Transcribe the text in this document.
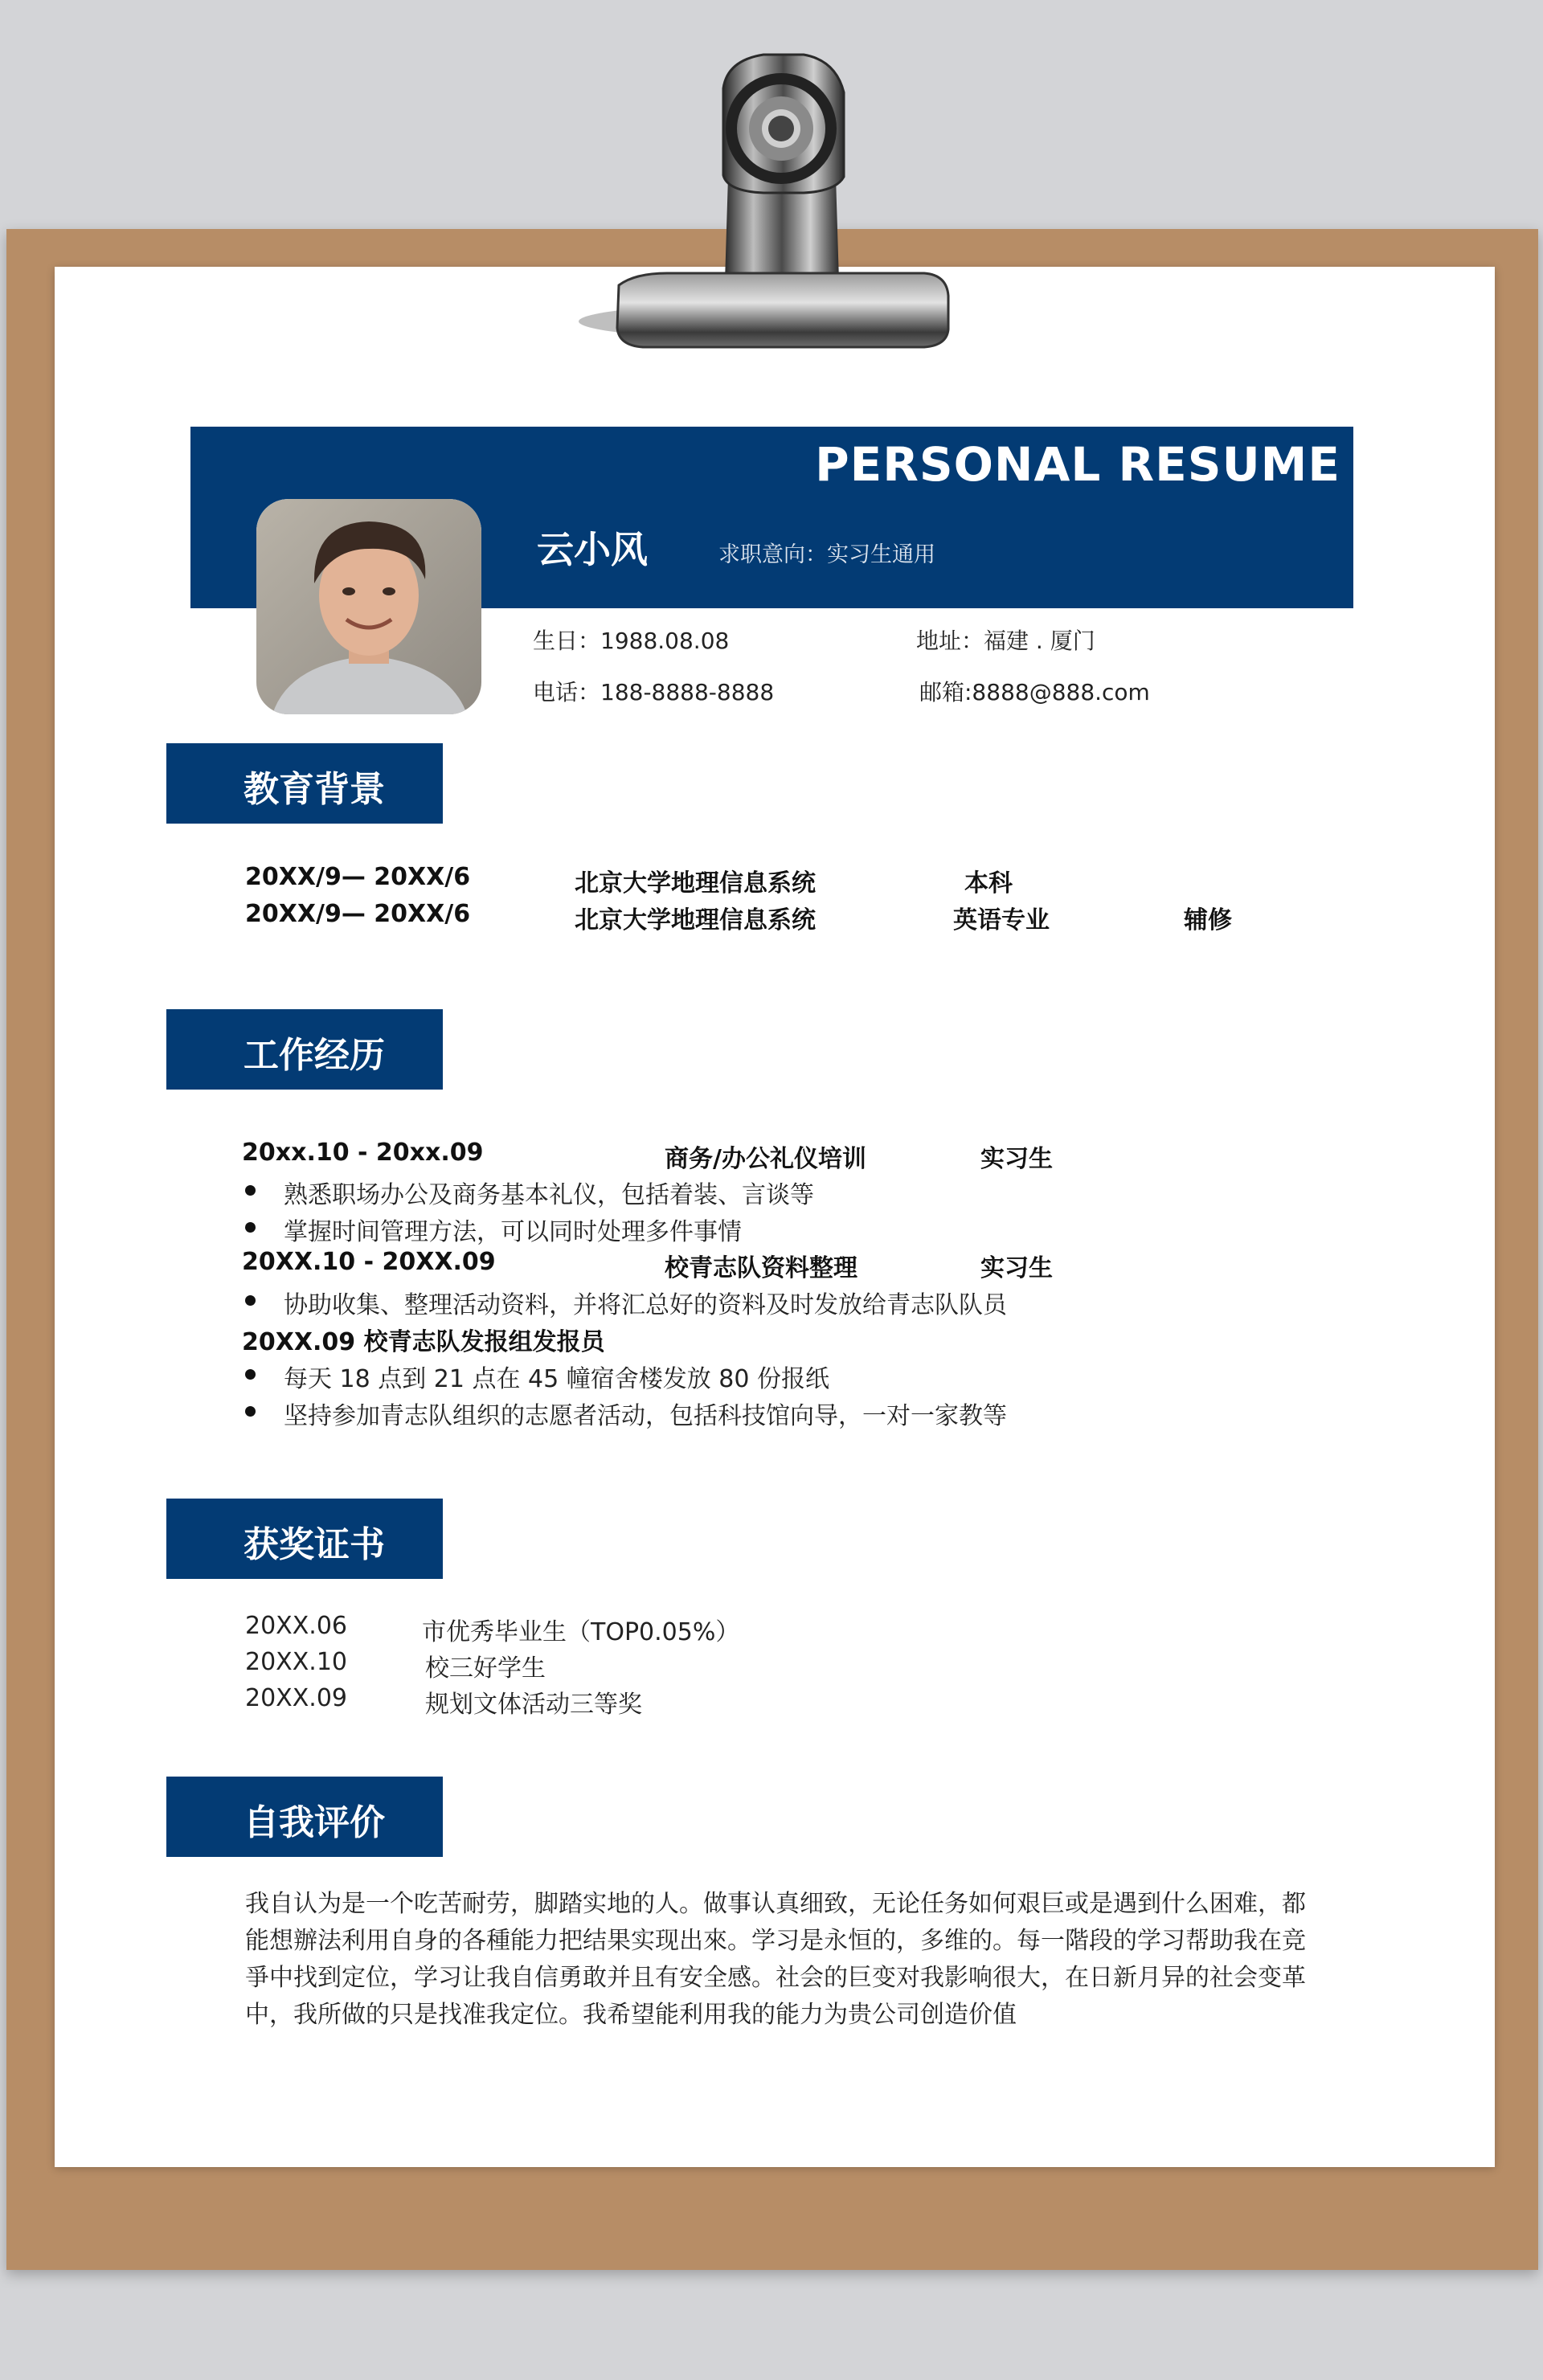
PERSONAL RESUME
云小风	求职意向：实习生通用
生日：1988.08.08	地址：福建 . 厦门
电话：188-8888-8888	邮箱:8888@888.com
教育背景
20XX/9— 20XX/6	北京大学地理信息系统	本科
20XX/9— 20XX/6	北京大学地理信息系统	英语专业	辅修
工作经历
20xx.10 - 20xx.09	商务/办公礼仪培训	实习生
熟悉职场办公及商务基本礼仪，包括着装、言谈等
掌握时间管理方法，可以同时处理多件事情
20XX.10 - 20XX.09	校青志队资料整理	实习生
协助收集、整理活动资料，并将汇总好的资料及时发放给青志队队员
20XX.09 校青志队发报组发报员
每天 18 点到 21 点在 45 幢宿舍楼发放 80 份报纸
坚持参加青志队组织的志愿者活动，包括科技馆向导，一对一家教等
获奖证书
20XX.06	市优秀毕业生（TOP0.05%）
20XX.10	校三好学生
20XX.09	规划文体活动三等奖
自我评价
我自认为是一个吃苦耐劳，脚踏实地的人。做事认真细致，无论任务如何艰巨或是遇到什么困难，都
能想辦法利用自身的各種能力把结果实现出來。学习是永恒的，多维的。每一階段的学习帮助我在竞
爭中找到定位，学习让我自信勇敢并且有安全感。社会的巨变对我影响很大，在日新月异的社会变革
中，我所做的只是找准我定位。我希望能利用我的能力为贵公司创造价值
